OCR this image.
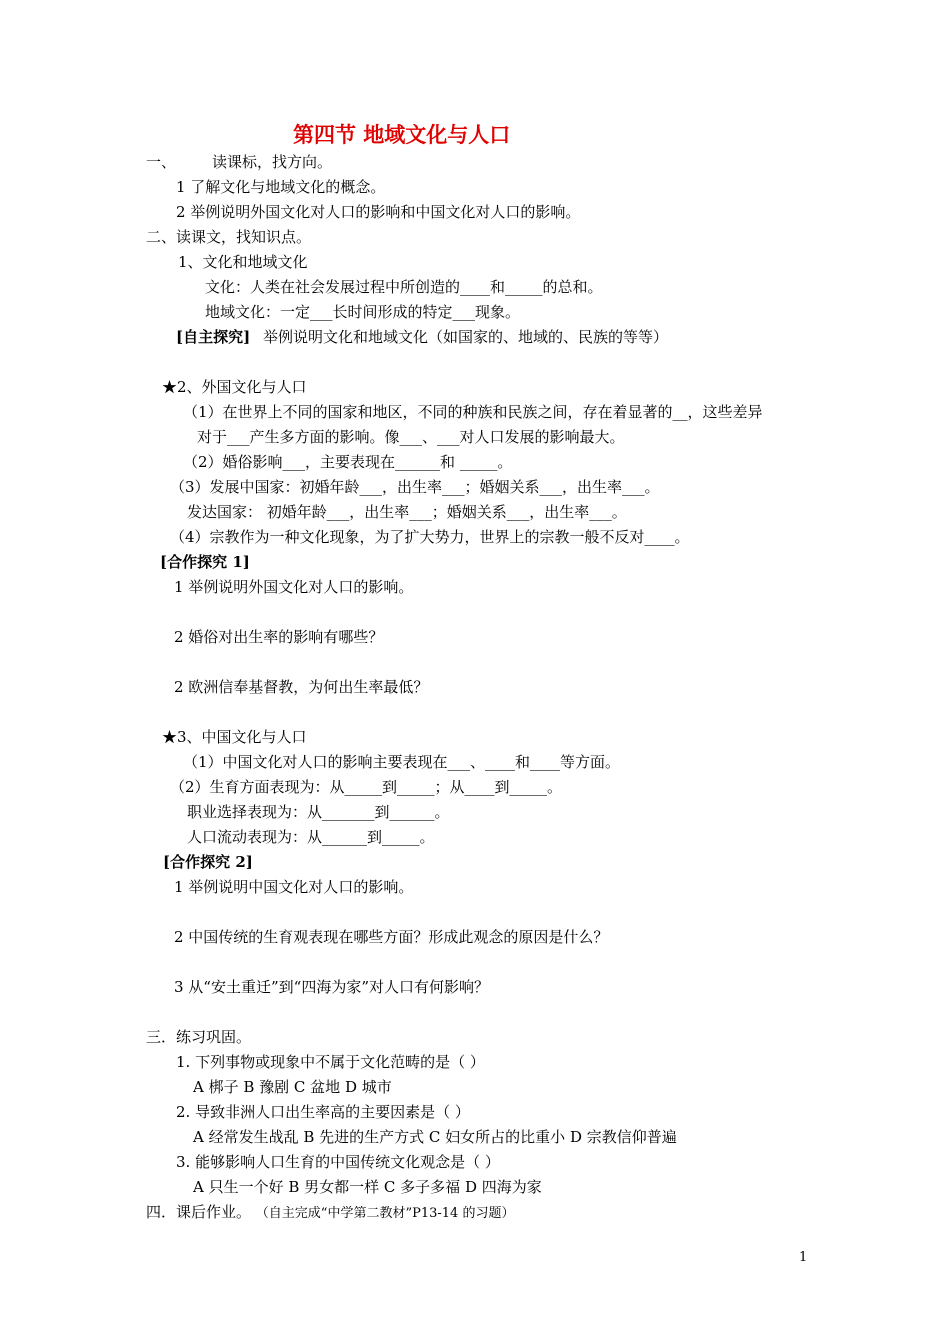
第四节 地域文化与人口
一、 读课标，找方向。
1 了解文化与地域文化的概念。
2 举例说明外国文化对人口的影响和中国文化对人口的影响。
二、读课文，找知识点。
1、文化和地域文化
文化：人类在社会发展过程中所创造的____和_____的总和。
地域文化：一定___长时间形成的特定___现象。
[自主探究] 举例说明文化和地域文化（如国家的、地域的、民族的等等）
★2、外国文化与人口
（1）在世界上不同的国家和地区，不同的种族和民族之间，存在着显著的__，这些差异
对于___产生多方面的影响。像___、___对人口发展的影响最大。
（2）婚俗影响___，主要表现在______和 _____。
（3）发展中国家：初婚年龄___，出生率___；婚姻关系___，出生率___。
发达国家： 初婚年龄___，出生率___；婚姻关系___，出生率___。
（4）宗教作为一种文化现象，为了扩大势力，世界上的宗教一般不反对____。
[合作探究 1]
1 举例说明外国文化对人口的影响。
2 婚俗对出生率的影响有哪些？
2 欧洲信奉基督教，为何出生率最低？
★3、中国文化与人口
（1）中国文化对人口的影响主要表现在___、____和____等方面。
（2）生育方面表现为：从_____到_____；从____到_____。
职业选择表现为：从_______到______。
人口流动表现为：从______到_____。
[合作探究 2]
1 举例说明中国文化对人口的影响。
2 中国传统的生育观表现在哪些方面？形成此观念的原因是什么？
3 从“安土重迁”到“四海为家”对人口有何影响？
三．练习巩固。
1. 下列事物或现象中不属于文化范畴的是（ ）
A 梆子 B 豫剧 C 盆地 D 城市
2. 导致非洲人口出生率高的主要因素是（ ）
A 经常发生战乱 B 先进的生产方式 C 妇女所占的比重小 D 宗教信仰普遍
3. 能够影响人口生育的中国传统文化观念是（ ）
A 只生一个好 B 男女都一样 C 多子多福 D 四海为家
四．课后作业。 （自主完成“中学第二教材”P13-14 的习题）
1
